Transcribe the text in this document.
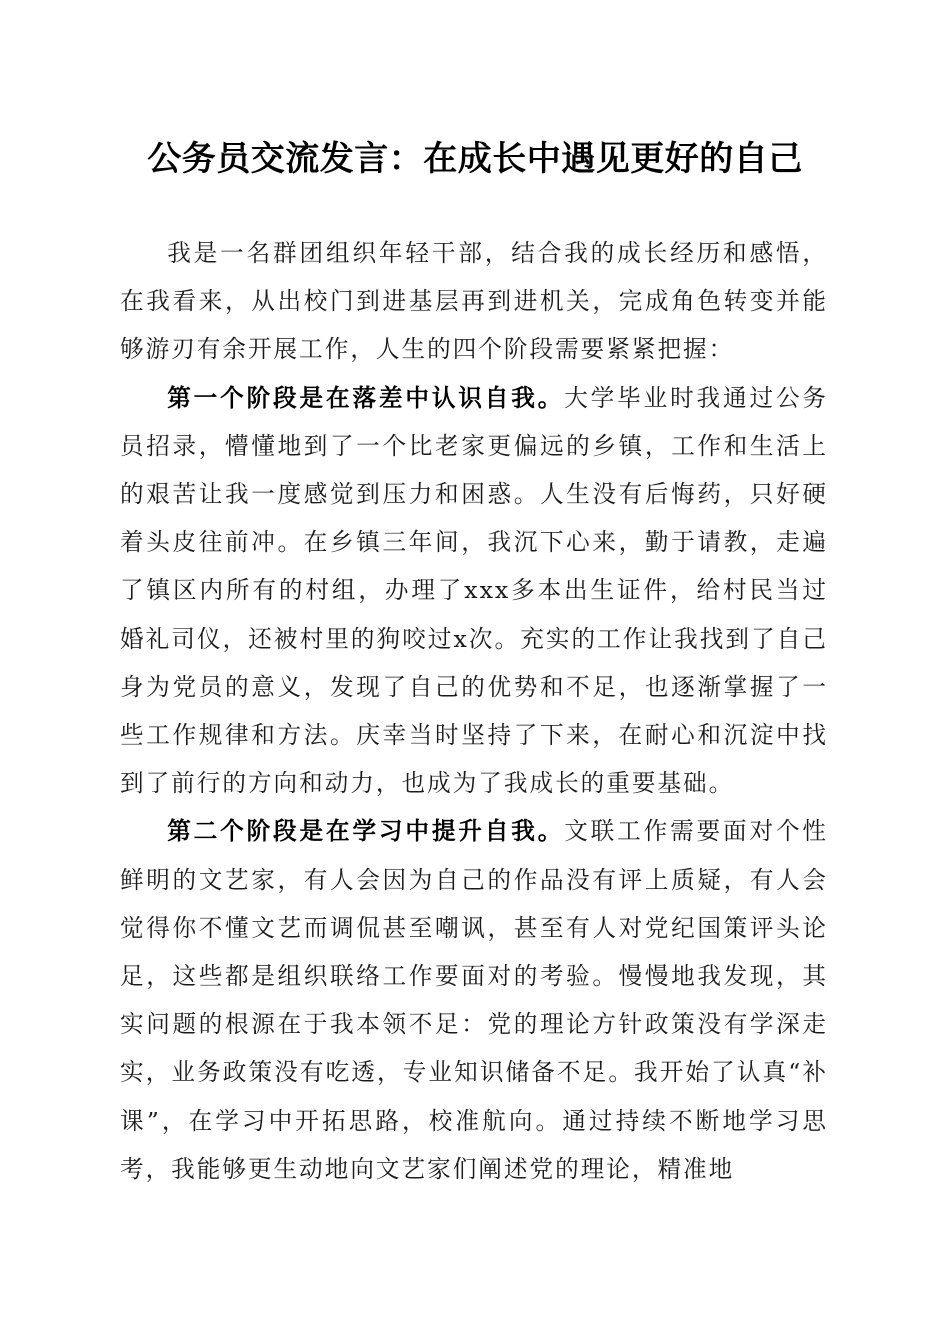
公务员交流发言：在成长中遇见更好的自己

我是一名群团组织年轻干部，结合我的成长经历和感悟，在我看来，从出校门到进基层再到进机关，完成角色转变并能够游刃有余开展工作，人生的四个阶段需要紧紧把握：

第一个阶段是在落差中认识自我。大学毕业时我通过公务员招录，懵懂地到了一个比老家更偏远的乡镇，工作和生活上的艰苦让我一度感觉到压力和困惑。人生没有后悔药，只好硬着头皮往前冲。在乡镇三年间，我沉下心来，勤于请教，走遍了镇区内所有的村组，办理了xxx多本出生证件，给村民当过婚礼司仪，还被村里的狗咬过x次。充实的工作让我找到了自己身为党员的意义，发现了自己的优势和不足，也逐渐掌握了一些工作规律和方法。庆幸当时坚持了下来，在耐心和沉淀中找到了前行的方向和动力，也成为了我成长的重要基础。

第二个阶段是在学习中提升自我。文联工作需要面对个性鲜明的文艺家，有人会因为自己的作品没有评上质疑，有人会觉得你不懂文艺而调侃甚至嘲讽，甚至有人对党纪国策评头论足，这些都是组织联络工作要面对的考验。慢慢地我发现，其实问题的根源在于我本领不足：党的理论方针政策没有学深走实，业务政策没有吃透，专业知识储备不足。我开始了认真“补课”，在学习中开拓思路，校准航向。通过持续不断地学习思考，我能够更生动地向文艺家们阐述党的理论，精准地
